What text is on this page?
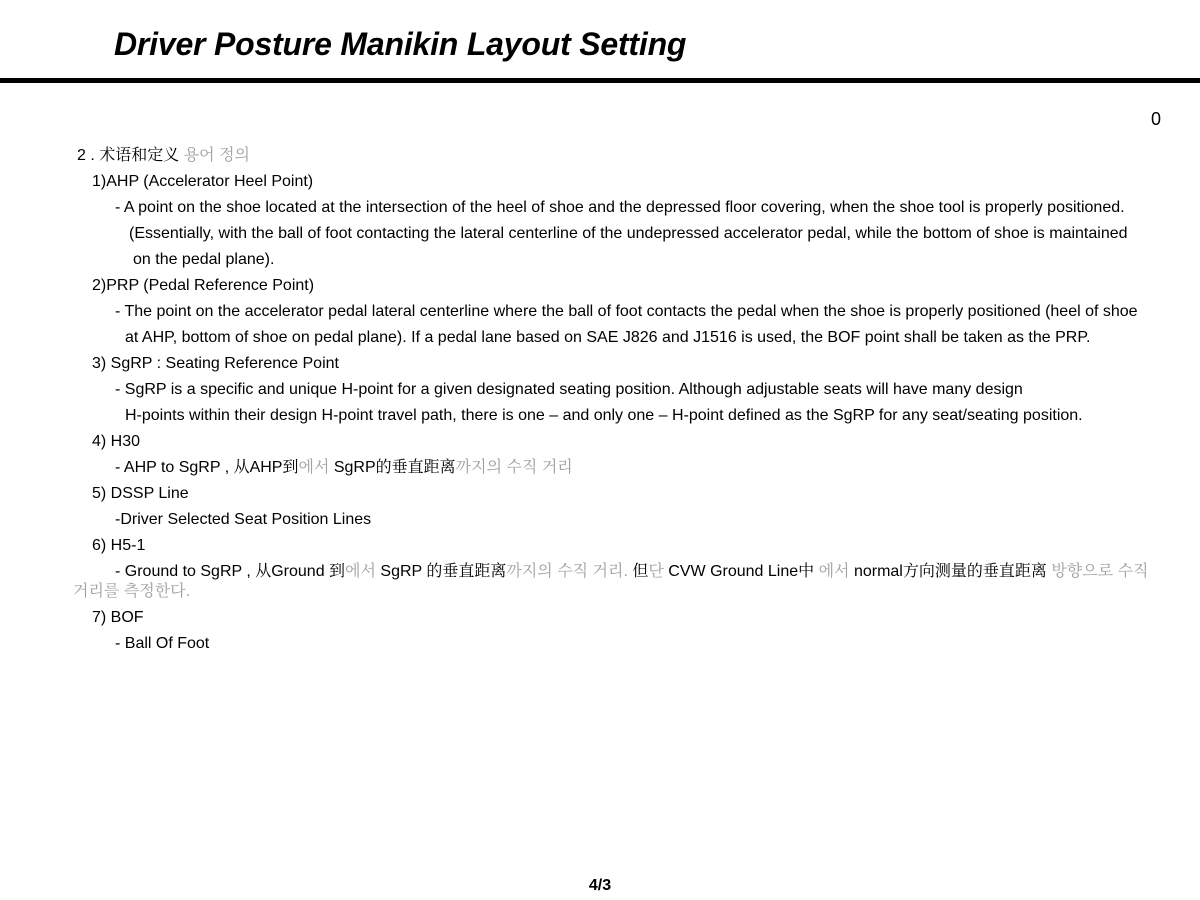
Driver Posture Manikin Layout Setting
0
2 . 术语和定义 용어 정의
1)AHP (Accelerator Heel Point)
- A point on the shoe located at the intersection of the heel of shoe and the depressed floor covering, when the shoe tool is properly positioned.
(Essentially, with the ball of foot contacting the lateral centerline of the undepressed accelerator pedal, while the bottom of shoe is maintained
on the pedal plane).
2)PRP (Pedal Reference Point)
- The point on the accelerator pedal lateral centerline where the ball of foot contacts the pedal when the shoe is properly positioned (heel of shoe
at AHP, bottom of shoe on pedal plane). If a pedal lane based on SAE J826 and J1516 is used, the BOF point shall be taken as the PRP.
3) SgRP : Seating Reference Point
- SgRP is a specific and unique H-point for a given designated seating position. Although adjustable seats will have many design
H-points within their design H-point travel path, there is one – and only one – H-point defined as the SgRP for any seat/seating position.
4) H30
- AHP to SgRP , 从AHP到에서 SgRP的垂直距离까지의 수직 거리
5) DSSP Line
-Driver Selected Seat Position Lines
6) H5-1
- Ground to SgRP , 从Ground 到에서 SgRP 的垂直距离까지의 수직 거리. 但단 CVW Ground Line中 에서 normal方向测量的垂直距离 방향으로 수직거리를 측정한다.
7) BOF
- Ball Of Foot
4/3
